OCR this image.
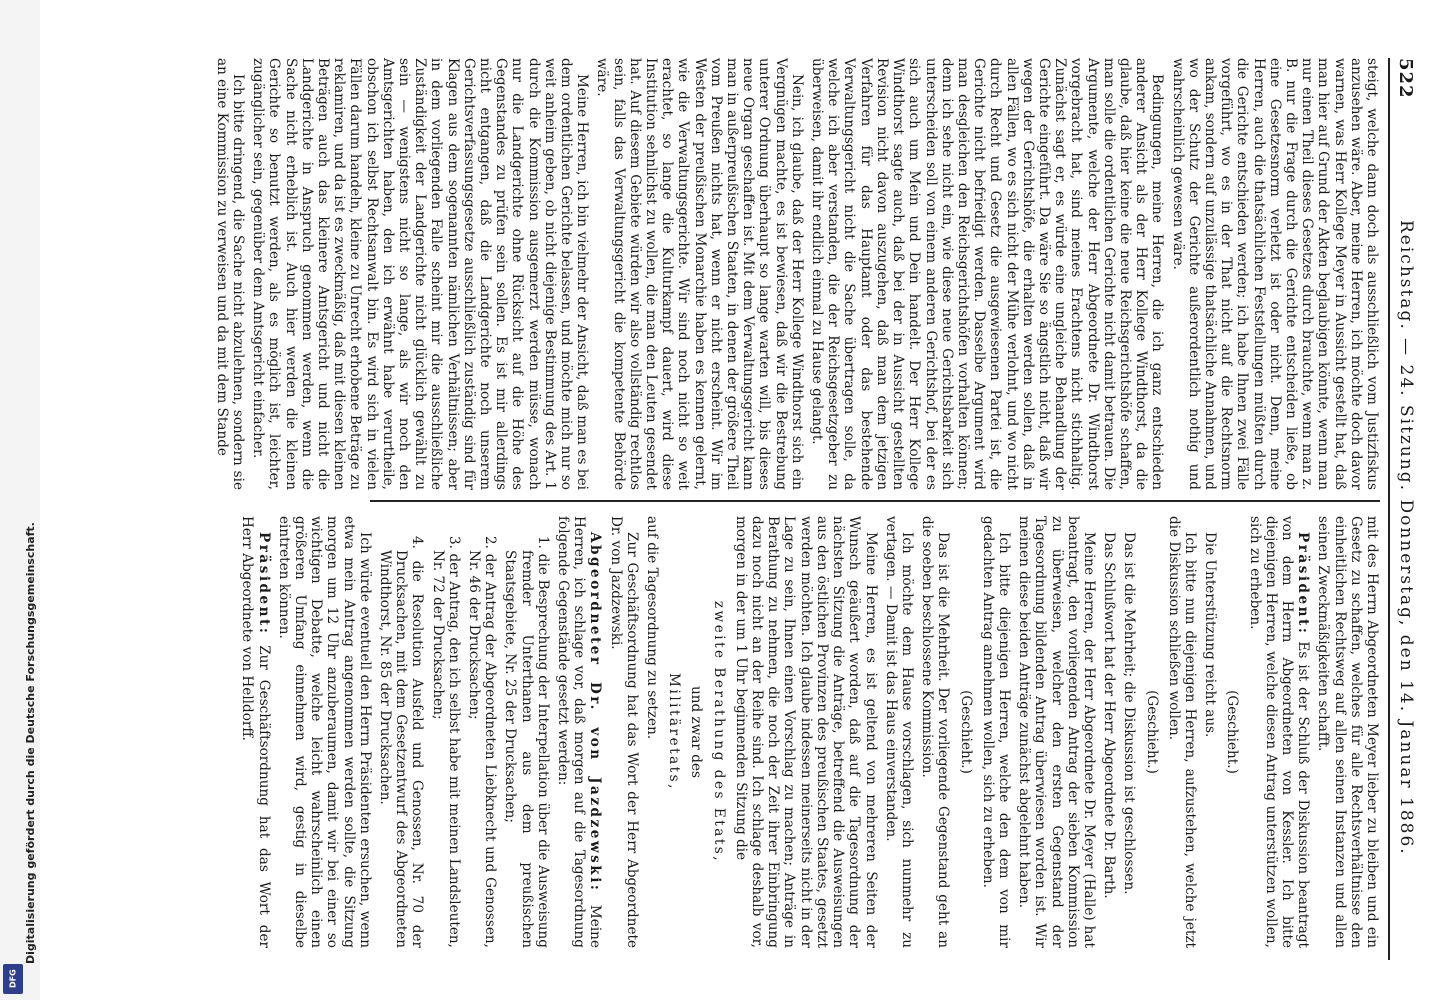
522
Reichstag. — 24. Sitzung. Donnerstag, den 14. Januar 1886.

steigt, welche dann doch als ausschließlich vom Justizfiskus anzusehen wäre. Aber, meine Herren, ich möchte doch davor warnen, was Herr Kollege Meyer in Aussicht gestellt hat, daß man hier auf Grund der Akten beglaubigen könnte, wenn man nur einen Theil dieses Gesetzes durch brauchte, wenn man z. B. nur die Frage durch die Gerichte entscheiden ließe, ob eine Gesetzesnorm verletzt ist oder nicht. Denn, meine Herren, auch die thatsächlichen Feststellungen müßten durch die Gerichte entschieden werden; ich habe Ihnen zwei Fälle vorgeführt, wo es in der That nicht auf die Rechtsnorm ankam, sondern auf unzulässige thatsächliche Annahmen, und wo der Schutz der Gerichte außerordentlich nothig und wahrscheinlich gewesen wäre.

Bedingungen, meine Herren, die ich ganz entschieden anderer Ansicht als der Herr Kollege Windthorst, da die glaube, daß hier keine die neue Reichsgerichtshöfe schaffen, man solle die ordentlichen Gerichte nicht damit betrauen. Die Argumente, welche der Herr Abgeordnete Dr. Windthorst vorgebracht hat, sind meines Erachtens nicht stichhaltig. Zunächst sagt er, es würde eine ungleiche Behandlung der Gerichte eingeführt. Da wäre Sie so ängstlich nicht, daß wir wegen der Gerichtshöfe, die erhalten werden sollen, daß in allen Fällen, wo es sich nicht der Mühe verlohnt, und wo nicht durch Recht und Gesetz die ausgewiesenen Partei ist, die Gerichte nicht befriedigt werden. Dasselbe Argument wird man desgleichen den Reichsgerichtshöfen vorhalten können; denn ich sehe nicht ein, wie diese neue Gerichtsbarkeit sich unterscheiden soll von einem anderen Gerichtshof, bei der es sich auch um Mein und Dein handelt. Der Herr Kollege Windthorst sagte auch, daß bei der in Aussicht gestellten Revision nicht davon auszugehen, daß man dem jetzigen Verfahren für das Hauptamt oder das bestehende Verwaltungsgericht nicht die Sache übertragen solle, da welche ich aber verstanden, die der Reichsgesetzgeber zu überweisen, damit ihr endlich einmal zu Hause gelangt.

Nein, ich glaube, daß der Herr Kollege Windthorst sich ein Vergnügen machte, es ist bewiesen, daß wir die Bestrebung unterer Ordnung überhaupt so lange warten will, bis dieses neue Organ geschaffen ist. Mit dem Verwaltungsgericht kann man in außerpreußischen Staaten, in denen der größere Theil vom Preußen nichts hat, wenn er nicht erscheint. Wir im Westen der preußischen Monarchie haben es kennen gelernt, wie die Verwaltungsgerichte. Wir sind noch nicht so weit erachtet, so lange die Kulturkampf dauert, wird diese Institution sehnlichst zu wollen, die man den Leuten gesendet hat. Auf diesem Gebiete würden wir also vollständig rechtlos sein, falls das Verwaltungsgericht die kompetente Behörde wäre.

Meine Herren, ich bin vielmehr der Ansicht, daß man es bei dem ordentlichen Gerichte belassen, und möchte mich nur so weit anheim geben, ob nicht diejenige Bestimmung des Art. 1 durch die Kommission ausgemerzt werden müsse, wonach nur die Landgerichte ohne Rücksicht auf die Höhe des Gegenstandes zu prüfen sein sollen. Es ist mir allerdings nicht entgangen, daß die Landgerichte noch unserem Gerichtsverfassungsgesetze ausschließlich zuständig sind für Klagen aus dem sogenannten nämlichen Verhältnissen; aber in dem vorliegenden Falle scheint mir die ausschließliche Zuständigkeit der Landgerichte nicht glücklich gewählt zu sein — wenigstens nicht so lange, als wir noch den Amtsgerichten haben, den ich erwähnt habe verurtheile, obschon ich selbst Rechtsanwalt bin. Es wird sich in vielen Fällen darum handeln, kleine zu Unrecht erhobene Beträge zu reklamiren, und da ist es zweckmäßig, daß mit diesen kleinen Beträgen auch das kleinere Amtsgericht und nicht die Landgerichte in Anspruch genommen werden, wenn die Sache nicht erheblich ist. Auch hier werden die kleinen Gerichte so benutzt werden, als es möglich ist, leichter, zugänglicher sein, gegenüber dem Amtsgericht einfacher.

Ich bitte dringend, die Sache nicht abzulehnen, sondern sie an eine Kommission zu verweisen und da mit dem Stande

mit des Herrn Abgeordneten Meyer lieber zu bleiben und ein Gesetz zu schaffen, welches für alle Rechtsverhältnisse den einheitlichen Rechtsweg auf allen seinen Instanzen und allen seinen Zweckmäßigkeiten schafft.

Präsident: Es ist der Schluß der Diskussion beantragt von dem Herrn Abgeordneten von Kessler. Ich bitte diejenigen Herren, welche diesen Antrag unterstützen wollen, sich zu erheben.

(Geschieht.)

Die Unterstützung reicht aus.

Ich bitte nun diejenigen Herren, aufzustehen, welche jetzt die Diskussion schließen wollen.

(Geschieht.)

Das ist die Mehrheit; die Diskussion ist geschlossen.

Das Schlußwort hat der Herr Abgeordnete Dr. Barth.

Meine Herren, der Herr Abgeordnete Dr. Meyer (Halle) hat beantragt, den vorliegenden Antrag der sieben Kommission zu überweisen, welcher den ersten Gegenstand der Tagesordnung bildenden Antrag überwiesen worden ist. Wir meinen diese beiden Anträge zunächst abgelehnt haben.

Ich bitte diejenigen Herren, welche den dem von mir gedachten Antrag annehmen wollen, sich zu erheben.

(Geschieht.)

Das ist die Mehrheit. Der vorliegende Gegenstand geht an die soeben beschlossene Kommission.

Ich möchte dem Hause vorschlagen, sich nunmehr zu vertagen. — Damit ist das Haus einverstanden.

Meine Herren, es ist geltend von mehreren Seiten der Wunsch geäußert worden, daß auf die Tagesordnung der nächsten Sitzung die Anträge, betreffend die Ausweisungen aus den östlichen Provinzen des preußischen Staates, gesetzt werden möchten. Ich glaube indessen meinerseits nicht in der Lage zu sein, Ihnen einen Vorschlag zu machen; Anträge in Berathung zu nehmen, die noch der Zeit ihrer Einbringung dazu noch nicht an der Reihe sind. Ich schlage deshalb vor, morgen in der um 1 Uhr beginnenden Sitzung die

zweite Berathung des Etats,

und zwar des

Militäretats,

auf die Tagesordnung zu setzen.

Zur Geschäftsordnung hat das Wort der Herr Abgeordnete Dr. von Jazdzewski.

Abgeordneter Dr. von Jazdzewski: Meine Herren, ich schlage vor, daß morgen auf die Tagesordnung folgende Gegenstände gesetzt werden:

1. die Besprechung der Interpellation über die Ausweisung fremder Unterthanen aus dem preußischen Staatsgebiete, Nr. 25 der Drucksachen;

2. der Antrag der Abgeordneten Liebknecht und Genossen, Nr. 46 der Drucksachen;

3. der Antrag, den ich selbst habe mit meinen Landsleuten, Nr. 72 der Drucksachen;

4. die Resolution Ausfeld und Genossen, Nr. 70 der Drucksachen, mit dem Gesetzentwurf des Abgeordneten Windthorst, Nr. 85 der Drucksachen.

Ich würde eventuell den Herrn Präsidenten ersuchen, wenn etwa mein Antrag angenommen werden sollte, die Sitzung morgen um 12 Uhr anzuberaumen, damit wir bei einer so wichtigen Debatte, welche leicht wahrscheinlich einen größeren Umfang einnehmen wird, gestig in dieselbe eintreten können.

Präsident: Zur Geschäftsordnung hat das Wort der Herr Abgeordnete von Helldorff.

Digitalisierung gefördert durch die Deutsche Forschungsgemeinschaft.
DFG
